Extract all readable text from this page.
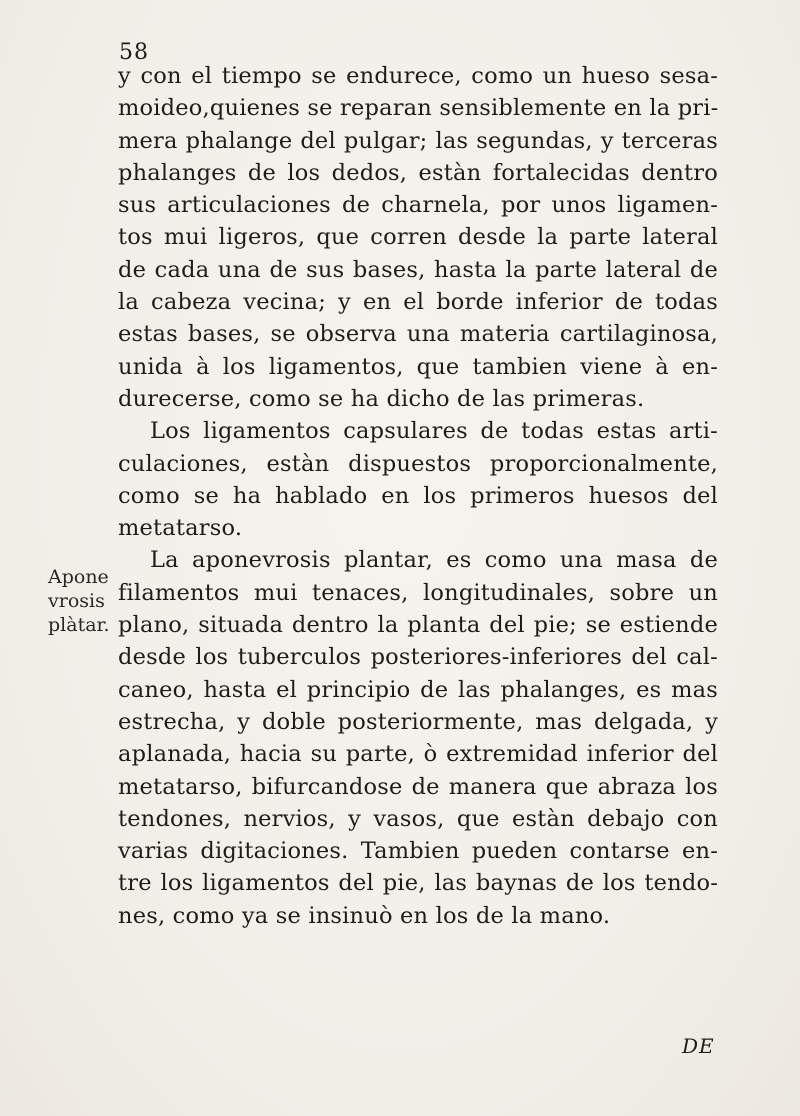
58
y con el tiempo se endurece, como un hueso sesa-
moideo,quienes se reparan sensiblemente en la pri-
mera phalange del pulgar; las segundas, y terceras
phalanges de los dedos, estàn fortalecidas dentro
sus articulaciones de charnela, por unos ligamen-
tos mui ligeros, que corren desde la parte lateral
de cada una de sus bases, hasta la parte lateral de
la cabeza vecina; y en el borde inferior de todas
estas bases, se observa una materia cartilaginosa,
unida à los ligamentos, que tambien viene à en-
durecerse, como se ha dicho de las primeras.
Los ligamentos capsulares de todas estas arti-
culaciones, estàn dispuestos proporcionalmente,
como se ha hablado en los primeros huesos del
metatarso.
La aponevrosis plantar, es como una masa de
filamentos mui tenaces, longitudinales, sobre un
plano, situada dentro la planta del pie; se estiende
desde los tuberculos posteriores-inferiores del cal-
caneo, hasta el principio de las phalanges, es mas
estrecha, y doble posteriormente, mas delgada, y
aplanada, hacia su parte, ò extremidad inferior del
metatarso, bifurcandose de manera que abraza los
tendones, nervios, y vasos, que estàn debajo con
varias digitaciones. Tambien pueden contarse en-
tre los ligamentos del pie, las baynas de los tendo-
nes, como ya se insinuò en los de la mano.
Apone
vrosis
plàtar.
DE
